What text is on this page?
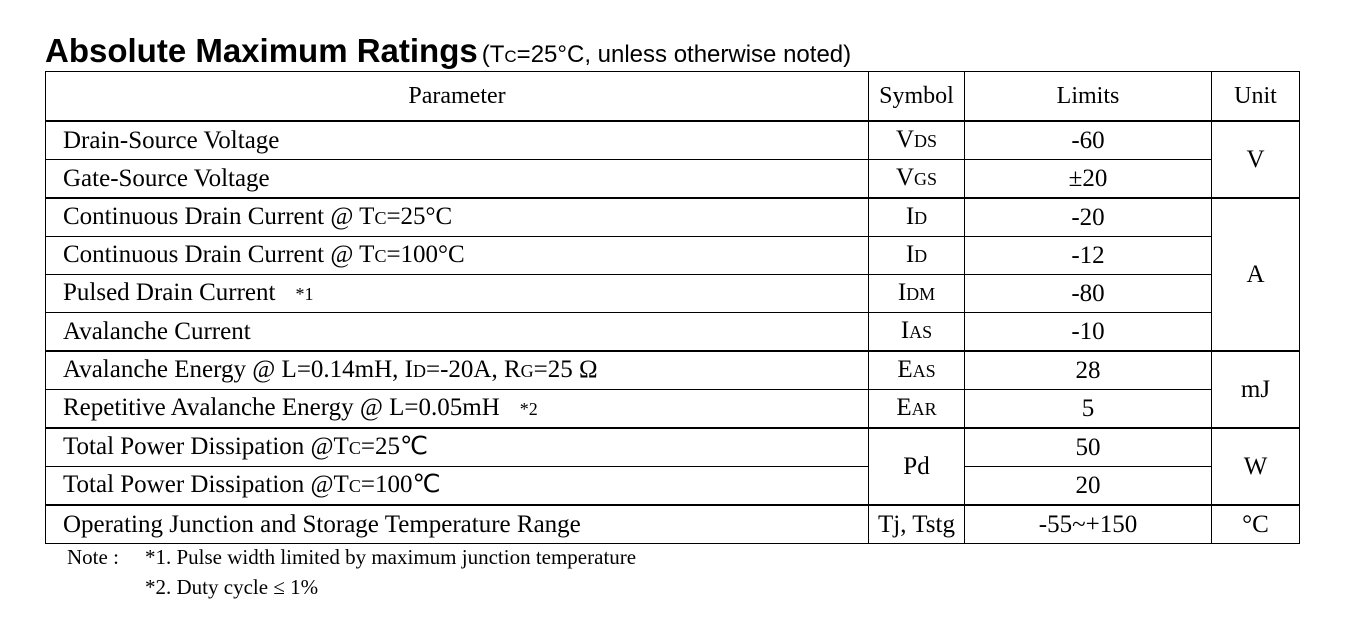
Absolute Maximum Ratings (TC=25°C, unless otherwise noted)
Parameter	Symbol	Limits	Unit
Drain-Source Voltage	VDS	-60	V
Gate-Source Voltage	VGS	±20	
Continuous Drain Current @ TC=25°C	ID	-20	A
Continuous Drain Current @ TC=100°C	ID	-12	
Pulsed Drain Current *1	IDM	-80	
Avalanche Current	IAS	-10	
Avalanche Energy @ L=0.14mH, ID=-20A, RG=25 Ω	EAS	28	mJ
Repetitive Avalanche Energy @ L=0.05mH *2	EAR	5	
Total Power Dissipation @TC=25℃	Pd	50	W
Total Power Dissipation @TC=100℃		20	
Operating Junction and Storage Temperature Range	Tj, Tstg	-55~+150	°C
Note : *1. Pulse width limited by maximum junction temperature
*2. Duty cycle ≤ 1%
